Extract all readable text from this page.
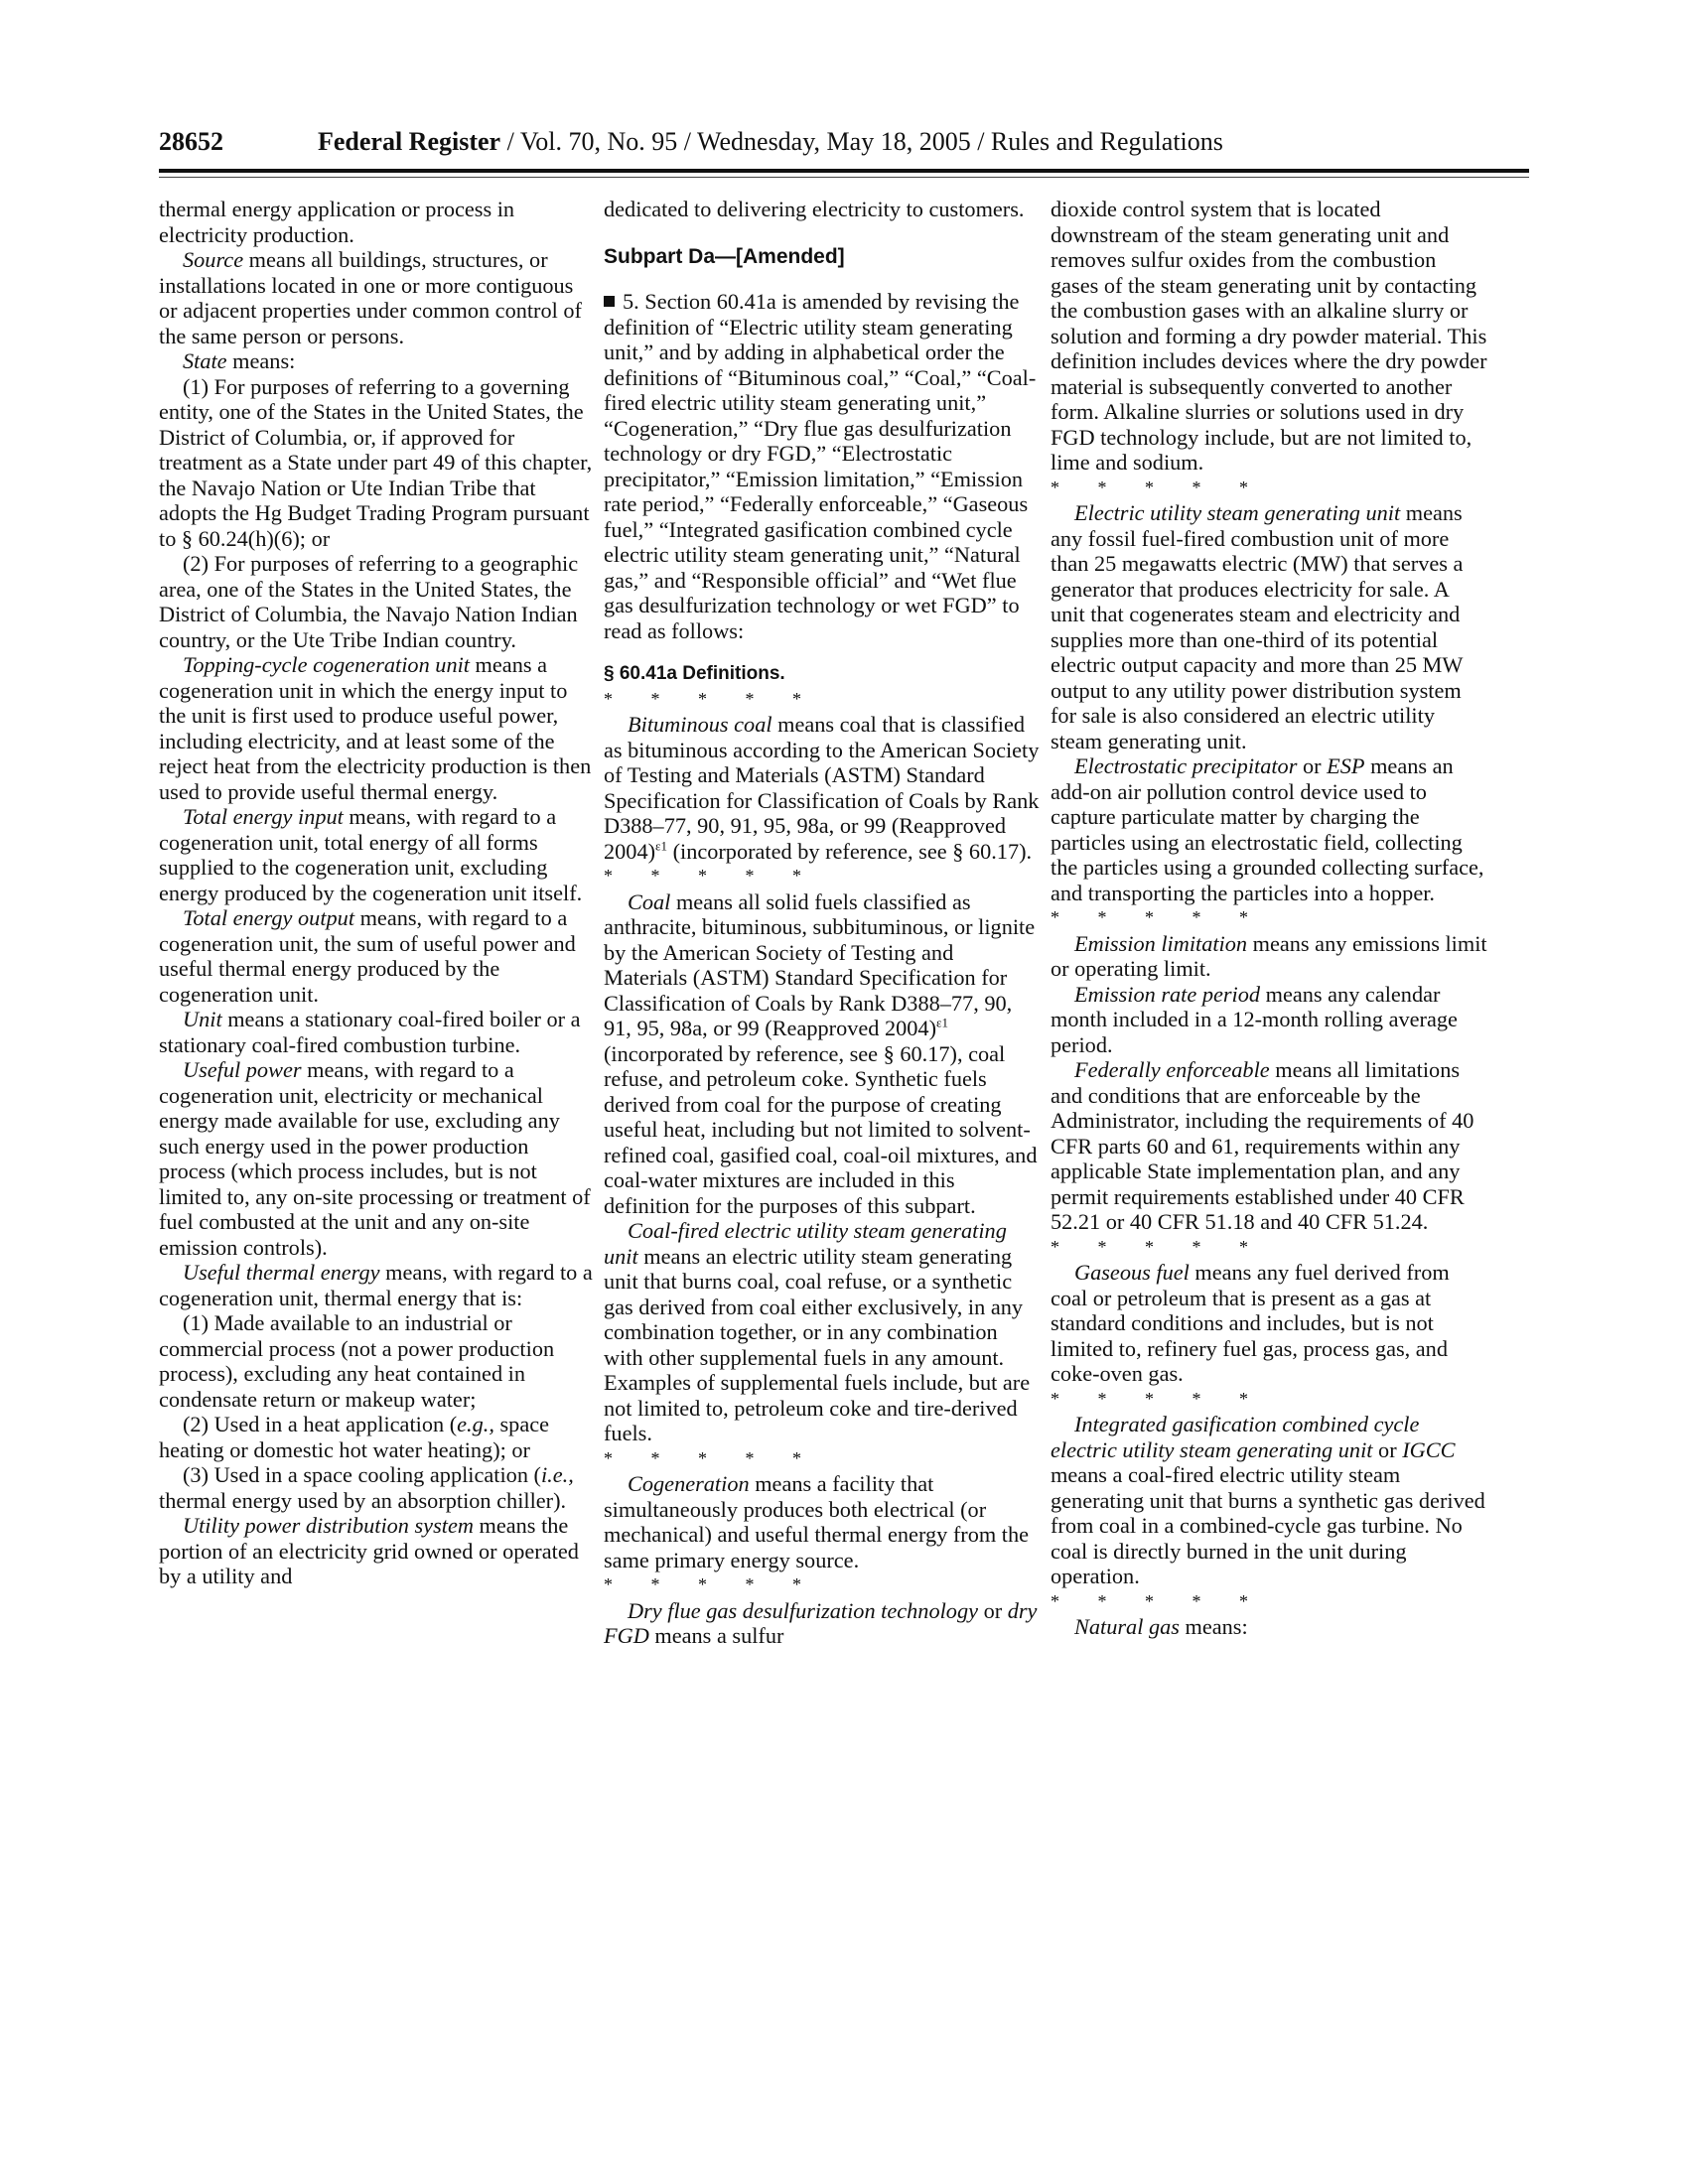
28652	Federal Register / Vol. 70, No. 95 / Wednesday, May 18, 2005 / Rules and Regulations

thermal energy application or process in electricity production.

Source means all buildings, structures, or installations located in one or more contiguous or adjacent properties under common control of the same person or persons.

State means:

(1) For purposes of referring to a governing entity, one of the States in the United States, the District of Columbia, or, if approved for treatment as a State under part 49 of this chapter, the Navajo Nation or Ute Indian Tribe that adopts the Hg Budget Trading Program pursuant to § 60.24(h)(6); or

(2) For purposes of referring to a geographic area, one of the States in the United States, the District of Columbia, the Navajo Nation Indian country, or the Ute Tribe Indian country.

Topping-cycle cogeneration unit means a cogeneration unit in which the energy input to the unit is first used to produce useful power, including electricity, and at least some of the reject heat from the electricity production is then used to provide useful thermal energy.

Total energy input means, with regard to a cogeneration unit, total energy of all forms supplied to the cogeneration unit, excluding energy produced by the cogeneration unit itself.

Total energy output means, with regard to a cogeneration unit, the sum of useful power and useful thermal energy produced by the cogeneration unit.

Unit means a stationary coal-fired boiler or a stationary coal-fired combustion turbine.

Useful power means, with regard to a cogeneration unit, electricity or mechanical energy made available for use, excluding any such energy used in the power production process (which process includes, but is not limited to, any on-site processing or treatment of fuel combusted at the unit and any on-site emission controls).

Useful thermal energy means, with regard to a cogeneration unit, thermal energy that is:

(1) Made available to an industrial or commercial process (not a power production process), excluding any heat contained in condensate return or makeup water;

(2) Used in a heat application (e.g., space heating or domestic hot water heating); or

(3) Used in a space cooling application (i.e., thermal energy used by an absorption chiller).

Utility power distribution system means the portion of an electricity grid owned or operated by a utility and

dedicated to delivering electricity to customers.

Subpart Da—[Amended]

5. Section 60.41a is amended by revising the definition of “Electric utility steam generating unit,” and by adding in alphabetical order the definitions of “Bituminous coal,” “Coal,” “Coal-fired electric utility steam generating unit,” “Cogeneration,” “Dry flue gas desulfurization technology or dry FGD,” “Electrostatic precipitator,” “Emission limitation,” “Emission rate period,” “Federally enforceable,” “Gaseous fuel,” “Integrated gasification combined cycle electric utility steam generating unit,” “Natural gas,” and “Responsible official” and “Wet flue gas desulfurization technology or wet FGD” to read as follows:

§ 60.41a Definitions.

* * * * *

Bituminous coal means coal that is classified as bituminous according to the American Society of Testing and Materials (ASTM) Standard Specification for Classification of Coals by Rank D388–77, 90, 91, 95, 98a, or 99 (Reapproved 2004)$^{\varepsilon 1}$ (incorporated by reference, see § 60.17).

* * * * *

Coal means all solid fuels classified as anthracite, bituminous, subbituminous, or lignite by the American Society of Testing and Materials (ASTM) Standard Specification for Classification of Coals by Rank D388–77, 90, 91, 95, 98a, or 99 (Reapproved 2004)$^{\varepsilon 1}$ (incorporated by reference, see § 60.17), coal refuse, and petroleum coke. Synthetic fuels derived from coal for the purpose of creating useful heat, including but not limited to solvent-refined coal, gasified coal, coal-oil mixtures, and coal-water mixtures are included in this definition for the purposes of this subpart.

Coal-fired electric utility steam generating unit means an electric utility steam generating unit that burns coal, coal refuse, or a synthetic gas derived from coal either exclusively, in any combination together, or in any combination with other supplemental fuels in any amount. Examples of supplemental fuels include, but are not limited to, petroleum coke and tire-derived fuels.

* * * * *

Cogeneration means a facility that simultaneously produces both electrical (or mechanical) and useful thermal energy from the same primary energy source.

* * * * *

Dry flue gas desulfurization technology or dry FGD means a sulfur

dioxide control system that is located downstream of the steam generating unit and removes sulfur oxides from the combustion gases of the steam generating unit by contacting the combustion gases with an alkaline slurry or solution and forming a dry powder material. This definition includes devices where the dry powder material is subsequently converted to another form. Alkaline slurries or solutions used in dry FGD technology include, but are not limited to, lime and sodium.

* * * * *

Electric utility steam generating unit means any fossil fuel-fired combustion unit of more than 25 megawatts electric (MW) that serves a generator that produces electricity for sale. A unit that cogenerates steam and electricity and supplies more than one-third of its potential electric output capacity and more than 25 MW output to any utility power distribution system for sale is also considered an electric utility steam generating unit.

Electrostatic precipitator or ESP means an add-on air pollution control device used to capture particulate matter by charging the particles using an electrostatic field, collecting the particles using a grounded collecting surface, and transporting the particles into a hopper.

* * * * *

Emission limitation means any emissions limit or operating limit.

Emission rate period means any calendar month included in a 12-month rolling average period.

Federally enforceable means all limitations and conditions that are enforceable by the Administrator, including the requirements of 40 CFR parts 60 and 61, requirements within any applicable State implementation plan, and any permit requirements established under 40 CFR 52.21 or 40 CFR 51.18 and 40 CFR 51.24.

* * * * *

Gaseous fuel means any fuel derived from coal or petroleum that is present as a gas at standard conditions and includes, but is not limited to, refinery fuel gas, process gas, and coke-oven gas.

* * * * *

Integrated gasification combined cycle electric utility steam generating unit or IGCC means a coal-fired electric utility steam generating unit that burns a synthetic gas derived from coal in a combined-cycle gas turbine. No coal is directly burned in the unit during operation.

* * * * *

Natural gas means:
